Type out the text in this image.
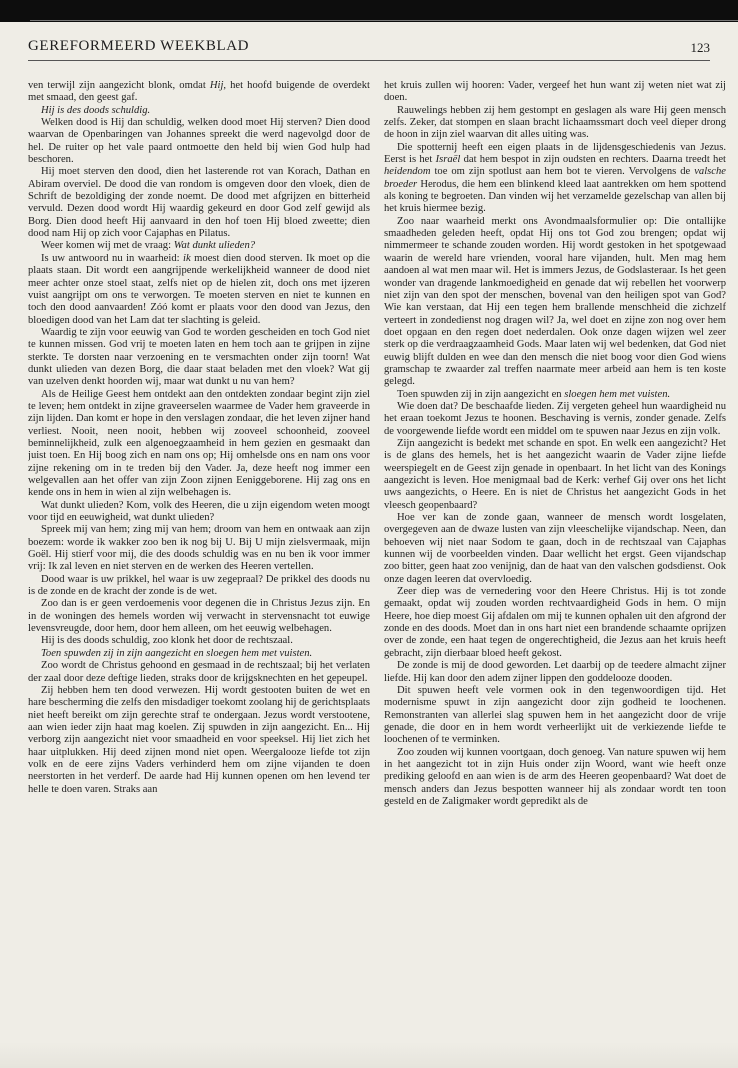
GEREFORMEERD WEEKBLAD	123

ven terwijl zijn aangezicht blonk, omdat Hij, het hoofd buigende de overdekt met smaad, den geest gaf.

Hij is des doods schuldig.

Welken dood is Hij dan schuldig, welken dood moet Hij sterven? Dien dood waarvan de Openbaringen van Johannes spreekt die werd nagevolgd door de hel. De ruiter op het vale paard ontmoette den held bij wien God hulp had beschoren.

Hij moet sterven den dood, dien het lasterende rot van Korach, Dathan en Abiram overviel. De dood die van rondom is omgeven door den vloek, dien de Schrift de bezoldiging der zonde noemt. De dood met afgrijzen en bitterheid vervuld. Dezen dood wordt Hij waardig gekeurd en door God zelf gewijd als Borg. Dien dood heeft Hij aanvaard in den hof toen Hij bloed zweette; dien dood nam Hij op zich voor Cajaphas en Pilatus.

Weer komen wij met de vraag: Wat dunkt ulieden?

Is uw antwoord nu in waarheid: ik moest dien dood sterven. Ik moet op die plaats staan. Dit wordt een aangrijpende werkelijkheid wanneer de dood niet meer achter onze stoel staat, zelfs niet op de hielen zit, doch ons met ijzeren vuist aangrijpt om ons te verworgen. Te moeten sterven en niet te kunnen en toch den dood aanvaarden! Zóó komt er plaats voor den dood van Jezus, den bloedigen dood van het Lam dat ter slachting is geleid.

Waardig te zijn voor eeuwig van God te worden gescheiden en toch God niet te kunnen missen. God vrij te moeten laten en hem toch aan te grijpen in zijne sterkte. Te dorsten naar verzoening en te versmachten onder zijn toorn! Wat dunkt ulieden van dezen Borg, die daar staat beladen met den vloek? Wat gij van uzelven denkt hoorden wij, maar wat dunkt u nu van hem?

Als de Heilige Geest hem ontdekt aan den ontdekten zondaar begint zijn ziel te leven; hem ontdekt in zijnе graveerselen waarmee de Vader hem graveerde in zijn lijden. Dan komt er hope in den verslagen zondaar, die het leven zijner hand verliest. Nooit, neen nooit, hebben wij zooveel schoonheid, zooveel beminnelijkheid, zulk een algenoegzaamheid in hem gezien en gesmaakt dan juist toen. En Hij boog zich en nam ons op; Hij omhelsde ons en nam ons voor zijne rekening om in te treden bij den Vader. Ja, deze heeft nog immer een welgevallen aan het offer van zijn Zoon zijnen Eeniggeborene. Hij zag ons en kende ons in hem in wien al zijn welbehagen is.

Wat dunkt ulieden? Kom, volk des Heeren, die u zijn eigendom weten moogt voor tijd en eeuwigheid, wat dunkt ulieden?

Spreek mij van hem; zing mij van hem; droom van hem en ontwaak aan zijn boezem: worde ik wakker zoo ben ik nog bij U. Bij U mijn zielsvermaak, mijn Goël. Hij stierf voor mij, die des doods schuldig was en nu ben ik voor immer vrij: Ik zal leven en niet sterven en de werken des Heeren vertellen.

Dood waar is uw prikkel, hel waar is uw zegepraal? De prikkel des doods nu is de zonde en de kracht der zonde is de wet.

Zoo dan is er geen verdoemenis voor degenen die in Christus Jezus zijn. En in de woningen des hemels worden wij verwacht in stervensnacht tot euwige levensvreugde, door hem, door hem alleen, om het eeuwig welbehagen.

Hij is des doods schuldig, zoo klonk het door de rechtszaal.

Toen spuwden zij in zijn aangezicht en sloegen hem met vuisten.

Zoo wordt de Christus gehoond en gesmaad in de rechtszaal; bij het verlaten der zaal door deze deftige lieden, straks door de krijgsknechten en het gepeupel.

Zij hebben hem ten dood verwezen. Hij wordt gestooten buiten de wet en hare bescherming die zelfs den misdadiger toekomt zoolang hij de gerichtsplaats niet heeft bereikt om zijn gerechte straf te ondergaan. Jezus wordt verstootene, aan wien ieder zijn haat mag koelen. Zij spuwden in zijn aangezicht. En... Hij verborg zijn aangezicht niet voor smaadheid en voor speeksel. Hij liet zich het haar uitplukken. Hij deed zijnen mond niet open. Weergalooze liefde tot zijn volk en de eere zijns Vaders verhinderd hem om zijne vijanden te doen neerstorten in het verderf. De aarde had Hij kunnen openen om hen levend ter helle te doen varen. Straks aan

het kruis zullen wij hooren: Vader, vergeef het hun want zij weten niet wat zij doen.

Rauwelings hebben zij hem gestompt en geslagen als ware Hij geen mensch zelfs. Zeker, dat stompen en slaan bracht lichaamssmart doch veel dieper drong de hoon in zijn ziel waarvan dit alles uiting was.

Die spotternij heeft een eigen plaats in de lijdensgeschiedenis van Jezus. Eerst is het Israël dat hem bespot in zijn oudsten en rechters. Daarna treedt het heidendom toe om zijn spotlust aan hem bot te vieren. Vervolgens de valsche broeder Herodus, die hem een blinkend kleed laat aantrekken om hem spottend als koning te begroeten. Dan vinden wij het verzamelde gezelschap van allen bij het kruis hiermee bezig.

Zoo naar waarheid merkt ons Avondmaalsformulier op: Die ontallijke smaadheden geleden heeft, opdat Hij ons tot God zou brengen; opdat wij nimmermeer te schande zouden worden. Hij wordt gestoken in het spotgewaad waarin de wereld hare vrienden, vooral hare vijanden, hult. Men mag hem aandoen al wat men maar wil. Het is immers Jezus, de Godslasteraar. Is het geen wonder van dragende lankmoedigheid en genade dat wij rebellen het voorwerp niet zijn van den spot der menschen, bovenal van den heiligen spot van God? Wie kan verstaan, dat Hij een tegen hem brallende menschheid die zichzelf verteert in zondedienst nog dragen wil? Ja, wel doet en zijne zon nog over hem doet opgaan en den regen doet nederdalen. Ook onze dagen wijzen wel zeer sterk op die verdraagzaamheid Gods. Maar laten wij wel bedenken, dat God niet euwig blijft dulden en wee dan den mensch die niet boog voor dien God wiens gramschap te zwaarder zal treffen naarmate meer arbeid aan hem is ten koste gelegd.

Toen spuwden zij in zijn aangezicht en sloegen hem met vuisten.

Wie doen dat? De beschaafde lieden. Zij vergeten geheel hun waardigheid nu het eraan toekomt Jezus te hoonen. Beschaving is vernis, zonder genade. Zelfs de voorgewende liefde wordt een middel om te spuwen naar Jezus en zijn volk.

Zijn aangezicht is bedekt met schande en spot. En welk een aangezicht? Het is de glans des hemels, het is het aangezicht waarin de Vader zijne liefde weerspiegelt en de Geest zijn genade in openbaart. In het licht van des Konings aangezicht is leven. Hoe menigmaal bad de Kerk: verhef Gij over ons het licht uws aangezichts, o Heere. En is niet de Christus het aangezicht Gods in het vleesch geopenbaard?

Hoe ver kan de zonde gaan, wanneer de mensch wordt losgelaten, overgegeven aan de dwaze lusten van zijn vleeschelijke vijandschap. Neen, dan behoeven wij niet naar Sodom te gaan, doch in de rechtszaal van Cajaphas kunnen wij de voorbeelden vinden. Daar wellicht het ergst. Geen vijandschap zoo bitter, geen haat zoo venijnig, dan de haat van den valschen godsdienst. Ook onze dagen leeren dat overvloedig.

Zeer diep was de vernedering voor den Heere Christus. Hij is tot zonde gemaakt, opdat wij zouden worden rechtvaardigheid Gods in hem. O mijn Heere, hoe diep moest Gij afdalen om mij te kunnen ophalen uit den afgrond der zonde en des doods. Moet dan in ons hart niet een brandende schaamte oprijzen over de zonde, een haat tegen de ongerechtigheid, die Jezus aan het kruis heeft gebracht, zijn dierbaar bloed heeft gekost.

De zonde is mij de dood geworden. Let daarbij op de teedere almacht zijner liefde. Hij kan door den adem zijner lippen den goddelooze dooden.

Dit spuwen heeft vele vormen ook in den tegenwoordigen tijd. Het modernisme spuwt in zijn aangezicht door zijn godheid te loochenen. Remonstranten van allerlei slag spuwen hem in het aangezicht door de vrije genade, die door en in hem wordt verheerlijkt uit de verkiezende liefde te loochenen of te verminken.

Zoo zouden wij kunnen voortgaan, doch genoeg. Van nature spuwen wij hem in het aangezicht tot in zijn Huis onder zijn Woord, want wie heeft onze prediking geloofd en aan wien is de arm des Heeren geopenbaard? Wat doet de mensch anders dan Jezus bespotten wanneer hij als zondaar wordt ten toon gesteld en de Zaligmaker wordt gepredikt als de
